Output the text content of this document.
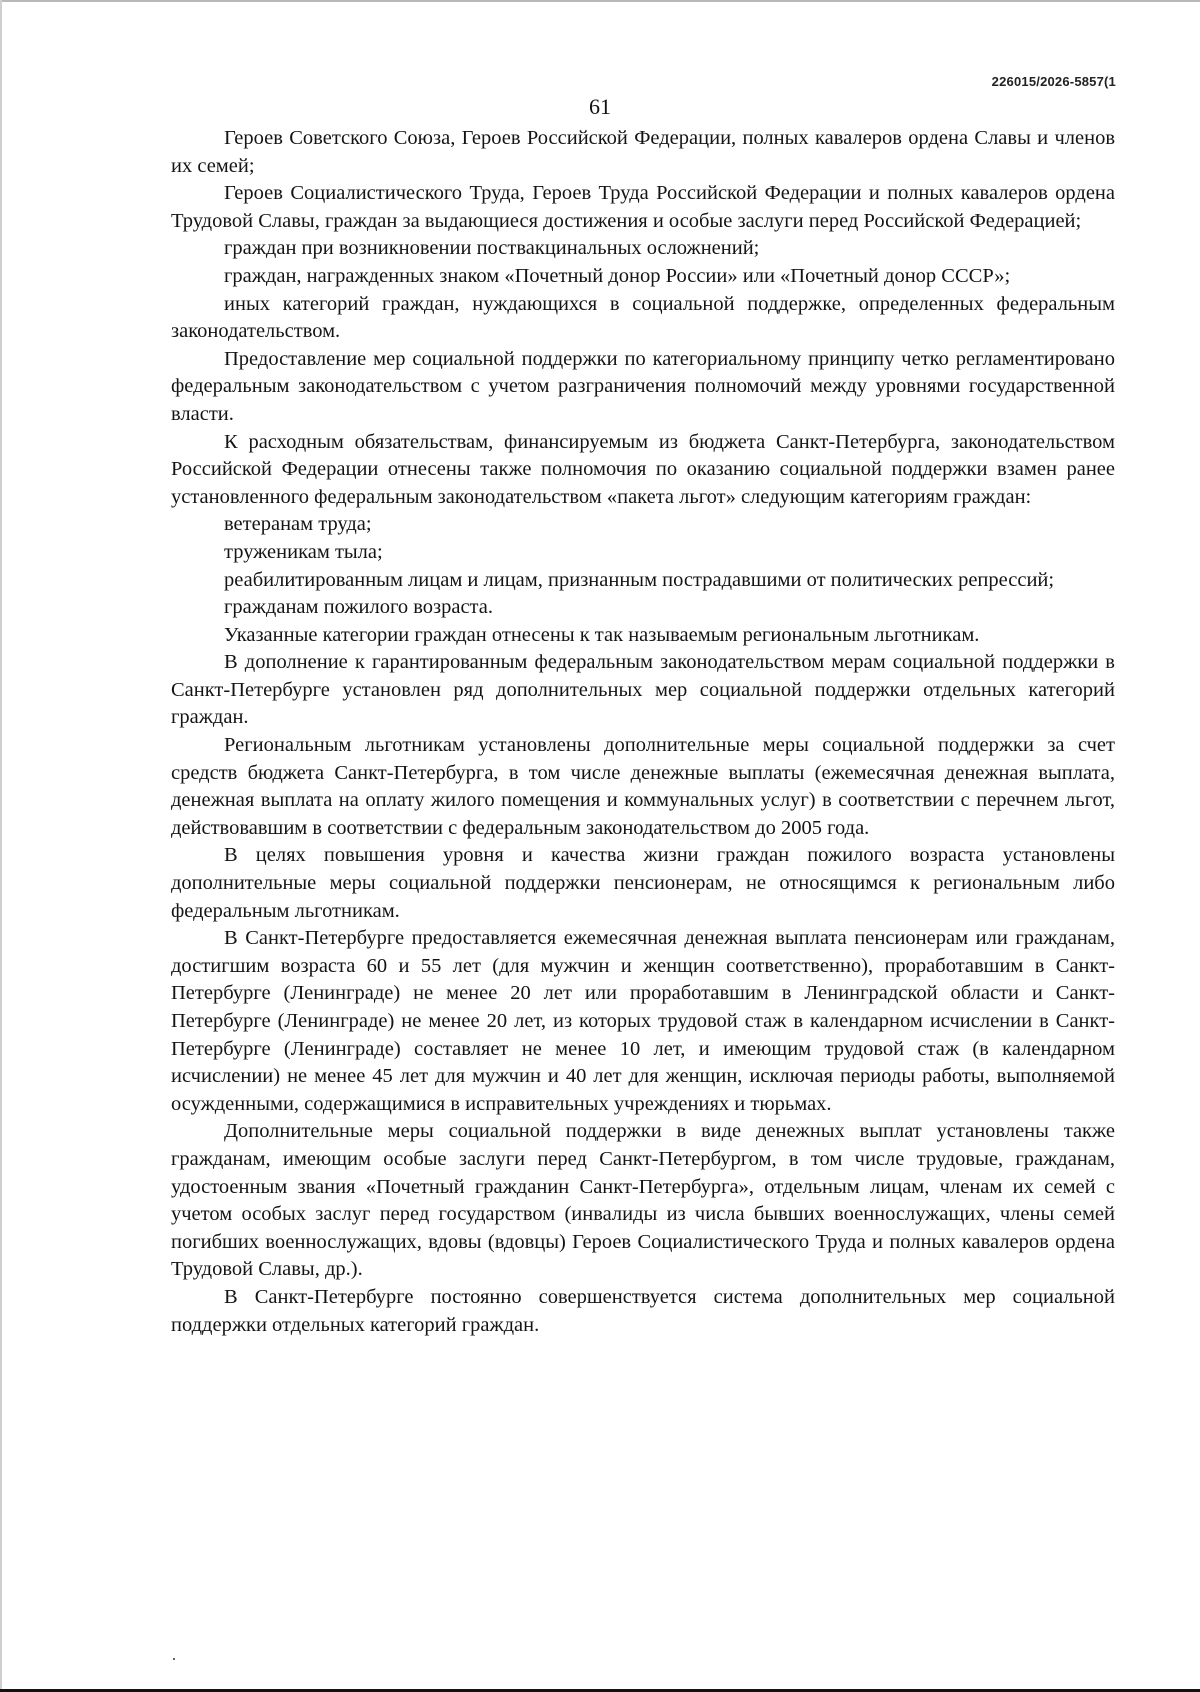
226015/2026-5857(1
61

Героев Советского Союза, Героев Российской Федерации, полных кавалеров ордена Славы и членов их семей;

Героев Социалистического Труда, Героев Труда Российской Федерации и полных кавалеров ордена Трудовой Славы, граждан за выдающиеся достижения и особые заслуги перед Российской Федерацией;

граждан при возникновении поствакцинальных осложнений;

граждан, награжденных знаком «Почетный донор России» или «Почетный донор СССР»;

иных категорий граждан, нуждающихся в социальной поддержке, определенных федеральным законодательством.

Предоставление мер социальной поддержки по категориальному принципу четко регламентировано федеральным законодательством с учетом разграничения полномочий между уровнями государственной власти.

К расходным обязательствам, финансируемым из бюджета Санкт-Петербурга, законодательством Российской Федерации отнесены также полномочия по оказанию социальной поддержки взамен ранее установленного федеральным законодательством «пакета льгот» следующим категориям граждан:

ветеранам труда;

труженикам тыла;

реабилитированным лицам и лицам, признанным пострадавшими от политических репрессий;

гражданам пожилого возраста.

Указанные категории граждан отнесены к так называемым региональным льготникам.

В дополнение к гарантированным федеральным законодательством мерам социальной поддержки в Санкт-Петербурге установлен ряд дополнительных мер социальной поддержки отдельных категорий граждан.

Региональным льготникам установлены дополнительные меры социальной поддержки за счет средств бюджета Санкт-Петербурга, в том числе денежные выплаты (ежемесячная денежная выплата, денежная выплата на оплату жилого помещения и коммунальных услуг) в соответствии с перечнем льгот, действовавшим в соответствии с федеральным законодательством до 2005 года.

В целях повышения уровня и качества жизни граждан пожилого возраста установлены дополнительные меры социальной поддержки пенсионерам, не относящимся к региональным либо федеральным льготникам.

В Санкт-Петербурге предоставляется ежемесячная денежная выплата пенсионерам или гражданам, достигшим возраста 60 и 55 лет (для мужчин и женщин соответственно), проработавшим в Санкт-Петербурге (Ленинграде) не менее 20 лет или проработавшим в Ленинградской области и Санкт-Петербурге (Ленинграде) не менее 20 лет, из которых трудовой стаж в календарном исчислении в Санкт-Петербурге (Ленинграде) составляет не менее 10 лет, и имеющим трудовой стаж (в календарном исчислении) не менее 45 лет для мужчин и 40 лет для женщин, исключая периоды работы, выполняемой осужденными, содержащимися в исправительных учреждениях и тюрьмах.

Дополнительные меры социальной поддержки в виде денежных выплат установлены также гражданам, имеющим особые заслуги перед Санкт-Петербургом, в том числе трудовые, гражданам, удостоенным звания «Почетный гражданин Санкт-Петербурга», отдельным лицам, членам их семей с учетом особых заслуг перед государством (инвалиды из числа бывших военнослужащих, члены семей погибших военнослужащих, вдовы (вдовцы) Героев Социалистического Труда и полных кавалеров ордена Трудовой Славы, др.).

В Санкт-Петербурге постоянно совершенствуется система дополнительных мер социальной поддержки отдельных категорий граждан.
